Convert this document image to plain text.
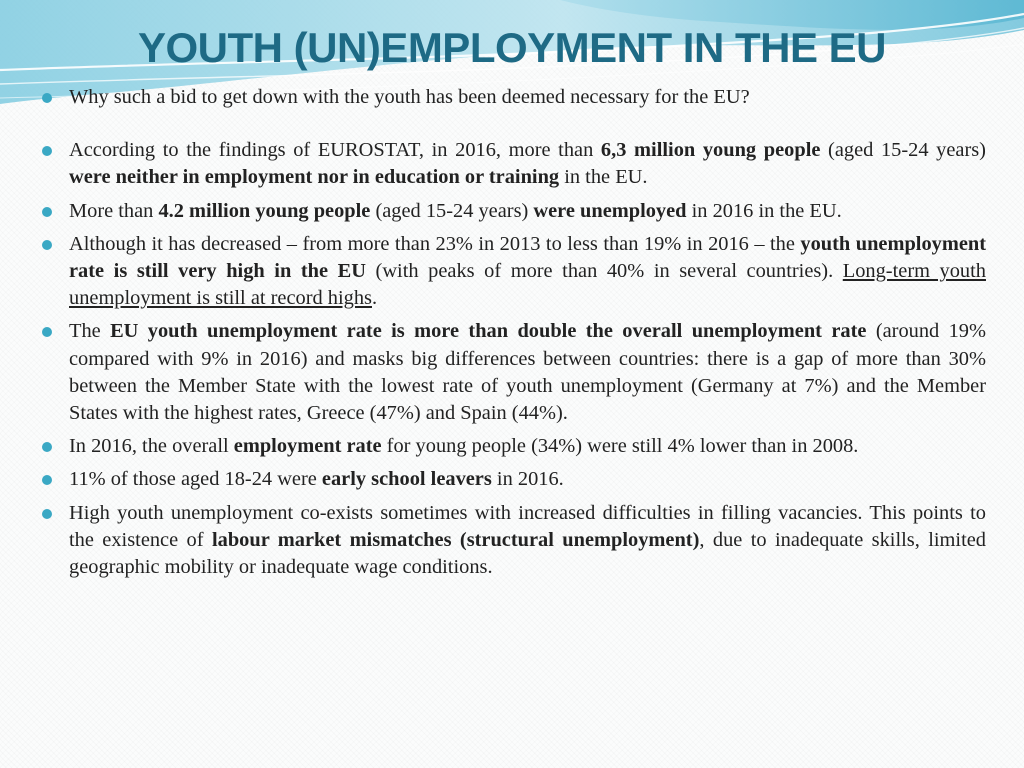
YOUTH (UN)EMPLOYMENT IN THE EU
Why such a bid to get down with the youth has been deemed necessary for the EU?
According to the findings of EUROSTAT, in 2016, more than 6,3 million young people (aged 15-24 years) were neither in employment nor in education or training in the EU.
More than 4.2 million young people (aged 15-24 years) were unemployed in 2016 in the EU.
Although it has decreased – from more than 23% in 2013 to less than 19% in 2016 – the youth unemployment rate is still very high in the EU (with peaks of more than 40% in several countries). Long-term youth unemployment is still at record highs.
The EU youth unemployment rate is more than double the overall unemployment rate (around 19% compared with 9% in 2016) and masks big differences between countries: there is a gap of more than 30% between the Member State with the lowest rate of youth unemployment (Germany at 7%) and the Member States with the highest rates, Greece (47%) and Spain (44%).
In 2016, the overall employment rate for young people (34%) were still 4% lower than in 2008.
11% of those aged 18-24 were early school leavers in 2016.
High youth unemployment co-exists sometimes with increased difficulties in filling vacancies. This points to the existence of labour market mismatches (structural unemployment), due to inadequate skills, limited geographic mobility or inadequate wage conditions.
